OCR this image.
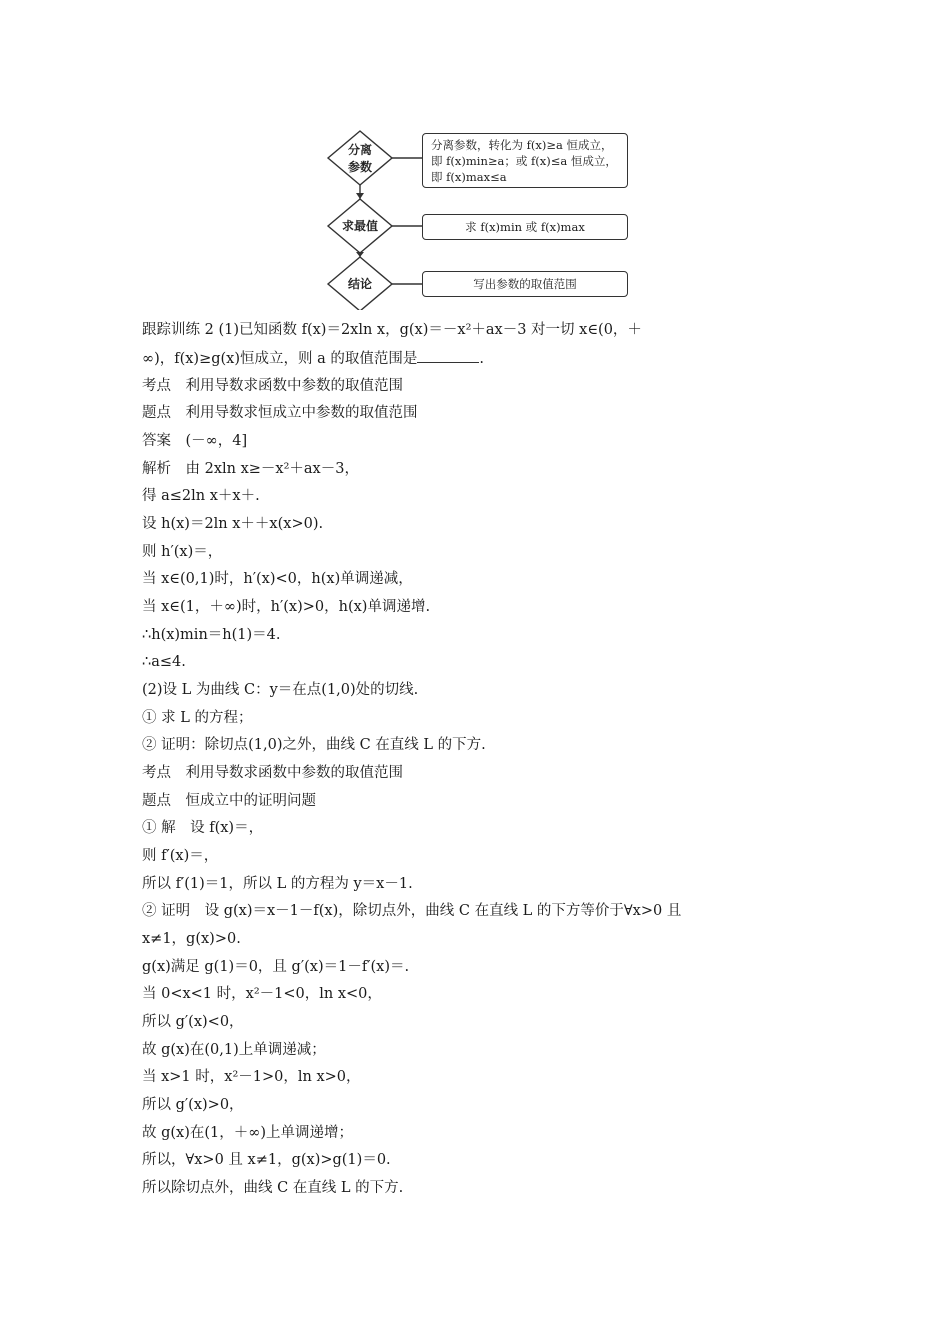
分离
参数
求最值
结论
分离参数，转化为 f(x)≥a 恒成立，
即 f(x)min≥a；或 f(x)≤a 恒成立，
即 f(x)max≤a
求 f(x)min 或 f(x)max
写出参数的取值范围
跟踪训练 2 (1)已知函数 f(x)＝2xln x，g(x)＝－x²＋ax－3 对一切 x∈(0，＋
∞)，f(x)≥g(x)恒成立，则 a 的取值范围是	.
考点　利用导数求函数中参数的取值范围
题点　利用导数求恒成立中参数的取值范围
答案　(－∞，4]
解析　由 2xln x≥－x²＋ax－3，
得 a≤2ln x＋x＋.
设 h(x)＝2ln x＋＋x(x>0).
则 h′(x)＝，
当 x∈(0,1)时，h′(x)<0，h(x)单调递减，
当 x∈(1，＋∞)时，h′(x)>0，h(x)单调递增.
∴h(x)min＝h(1)＝4.
∴a≤4.
(2)设 L 为曲线 C：y＝在点(1,0)处的切线.
① 求 L 的方程；
② 证明：除切点(1,0)之外，曲线 C 在直线 L 的下方.
考点　利用导数求函数中参数的取值范围
题点　恒成立中的证明问题
① 解　设 f(x)＝，
则 f′(x)＝，
所以 f′(1)＝1，所以 L 的方程为 y＝x－1.
② 证明　设 g(x)＝x－1－f(x)，除切点外，曲线 C 在直线 L 的下方等价于∀x>0 且
x≠1，g(x)>0.
g(x)满足 g(1)＝0，且 g′(x)＝1－f′(x)＝.
当 0<x<1 时，x²－1<0，ln x<0，
所以 g′(x)<0，
故 g(x)在(0,1)上单调递减；
当 x>1 时，x²－1>0，ln x>0，
所以 g′(x)>0，
故 g(x)在(1，＋∞)上单调递增；
所以，∀x>0 且 x≠1，g(x)>g(1)＝0.
所以除切点外，曲线 C 在直线 L 的下方.
